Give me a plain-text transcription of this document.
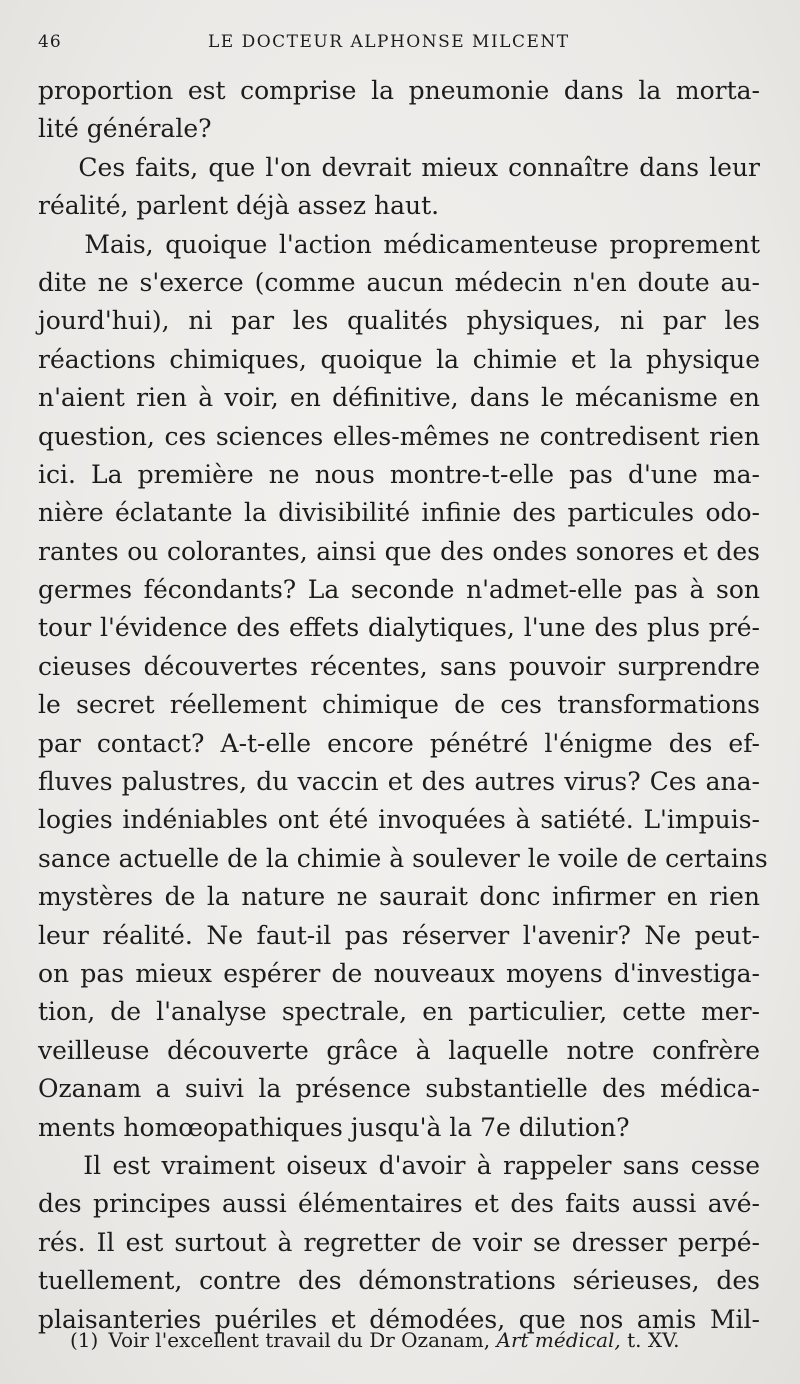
46	LE DOCTEUR ALPHONSE MILCENT
proportion est comprise la pneumonie dans la morta-
lité générale?
Ces faits, que l'on devrait mieux connaître dans leur
réalité, parlent déjà assez haut.
Mais, quoique l'action médicamenteuse proprement
dite ne s'exerce (comme aucun médecin n'en doute au-
jourd'hui), ni par les qualités physiques, ni par les
réactions chimiques, quoique la chimie et la physique
n'aient rien à voir, en définitive, dans le mécanisme en
question, ces sciences elles-mêmes ne contredisent rien
ici. La première ne nous montre-t-elle pas d'une ma-
nière éclatante la divisibilité infinie des particules odo-
rantes ou colorantes, ainsi que des ondes sonores et des
germes fécondants? La seconde n'admet-elle pas à son
tour l'évidence des effets dialytiques, l'une des plus pré-
cieuses découvertes récentes, sans pouvoir surprendre
le secret réellement chimique de ces transformations
par contact? A-t-elle encore pénétré l'énigme des ef-
fluves palustres, du vaccin et des autres virus? Ces ana-
logies indéniables ont été invoquées à satiété. L'impuis-
sance actuelle de la chimie à soulever le voile de certains
mystères de la nature ne saurait donc infirmer en rien
leur réalité. Ne faut-il pas réserver l'avenir? Ne peut-
on pas mieux espérer de nouveaux moyens d'investiga-
tion, de l'analyse spectrale, en particulier, cette mer-
veilleuse découverte grâce à laquelle notre confrère
Ozanam a suivi la présence substantielle des médica-
ments homœopathiques jusqu'à la 7e dilution?
Il est vraiment oiseux d'avoir à rappeler sans cesse
des principes aussi élémentaires et des faits aussi avé-
rés. Il est surtout à regretter de voir se dresser perpé-
tuellement, contre des démonstrations sérieuses, des
plaisanteries puériles et démodées, que nos amis Mil-
(1) Voir l'excellent travail du Dr Ozanam, Art médical, t. XV.
